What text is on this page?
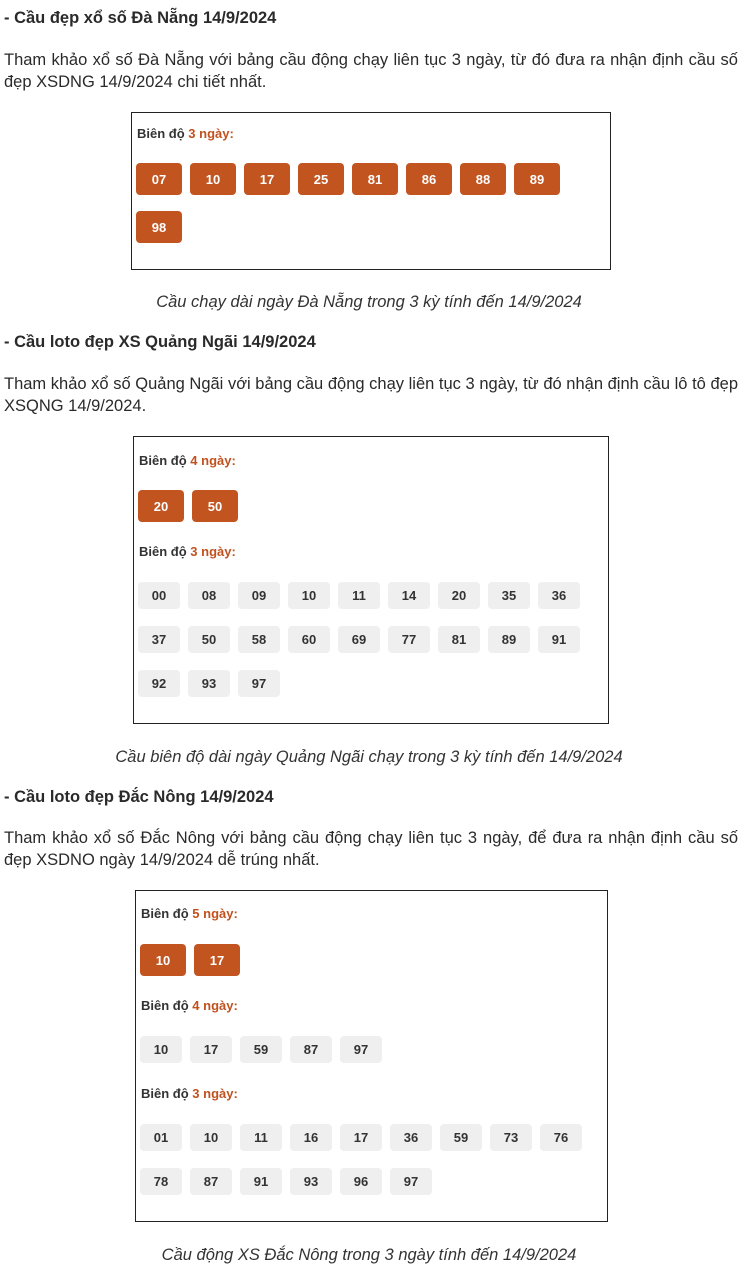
- Cầu đẹp xổ số Đà Nẵng 14/9/2024

Tham khảo xổ số Đà Nẵng với bảng cầu động chạy liên tục 3 ngày, từ đó đưa ra nhận định cầu số đẹp XSDNG 14/9/2024 chi tiết nhất.

Biên độ 3 ngày:
07	10	17	25	81	86	88	89
98

Cầu chạy dài ngày Đà Nẵng trong 3 kỳ tính đến 14/9/2024

- Cầu loto đẹp XS Quảng Ngãi 14/9/2024

Tham khảo xổ số Quảng Ngãi với bảng cầu động chạy liên tục 3 ngày, từ đó nhận định cầu lô tô đẹp XSQNG 14/9/2024.

Biên độ 4 ngày:
20	50
Biên độ 3 ngày:
00	08	09	10	11	14	20	35	36
37	50	58	60	69	77	81	89	91
92	93	97

Cầu biên độ dài ngày Quảng Ngãi chạy trong 3 kỳ tính đến 14/9/2024

- Cầu loto đẹp Đắc Nông 14/9/2024

Tham khảo xổ số Đắc Nông với bảng cầu động chạy liên tục 3 ngày, để đưa ra nhận định cầu số đẹp XSDNO ngày 14/9/2024 dễ trúng nhất.

Biên độ 5 ngày:
10	17
Biên độ 4 ngày:
10	17	59	87	97
Biên độ 3 ngày:
01	10	11	16	17	36	59	73	76
78	87	91	93	96	97

Cầu động XS Đắc Nông trong 3 ngày tính đến 14/9/2024
